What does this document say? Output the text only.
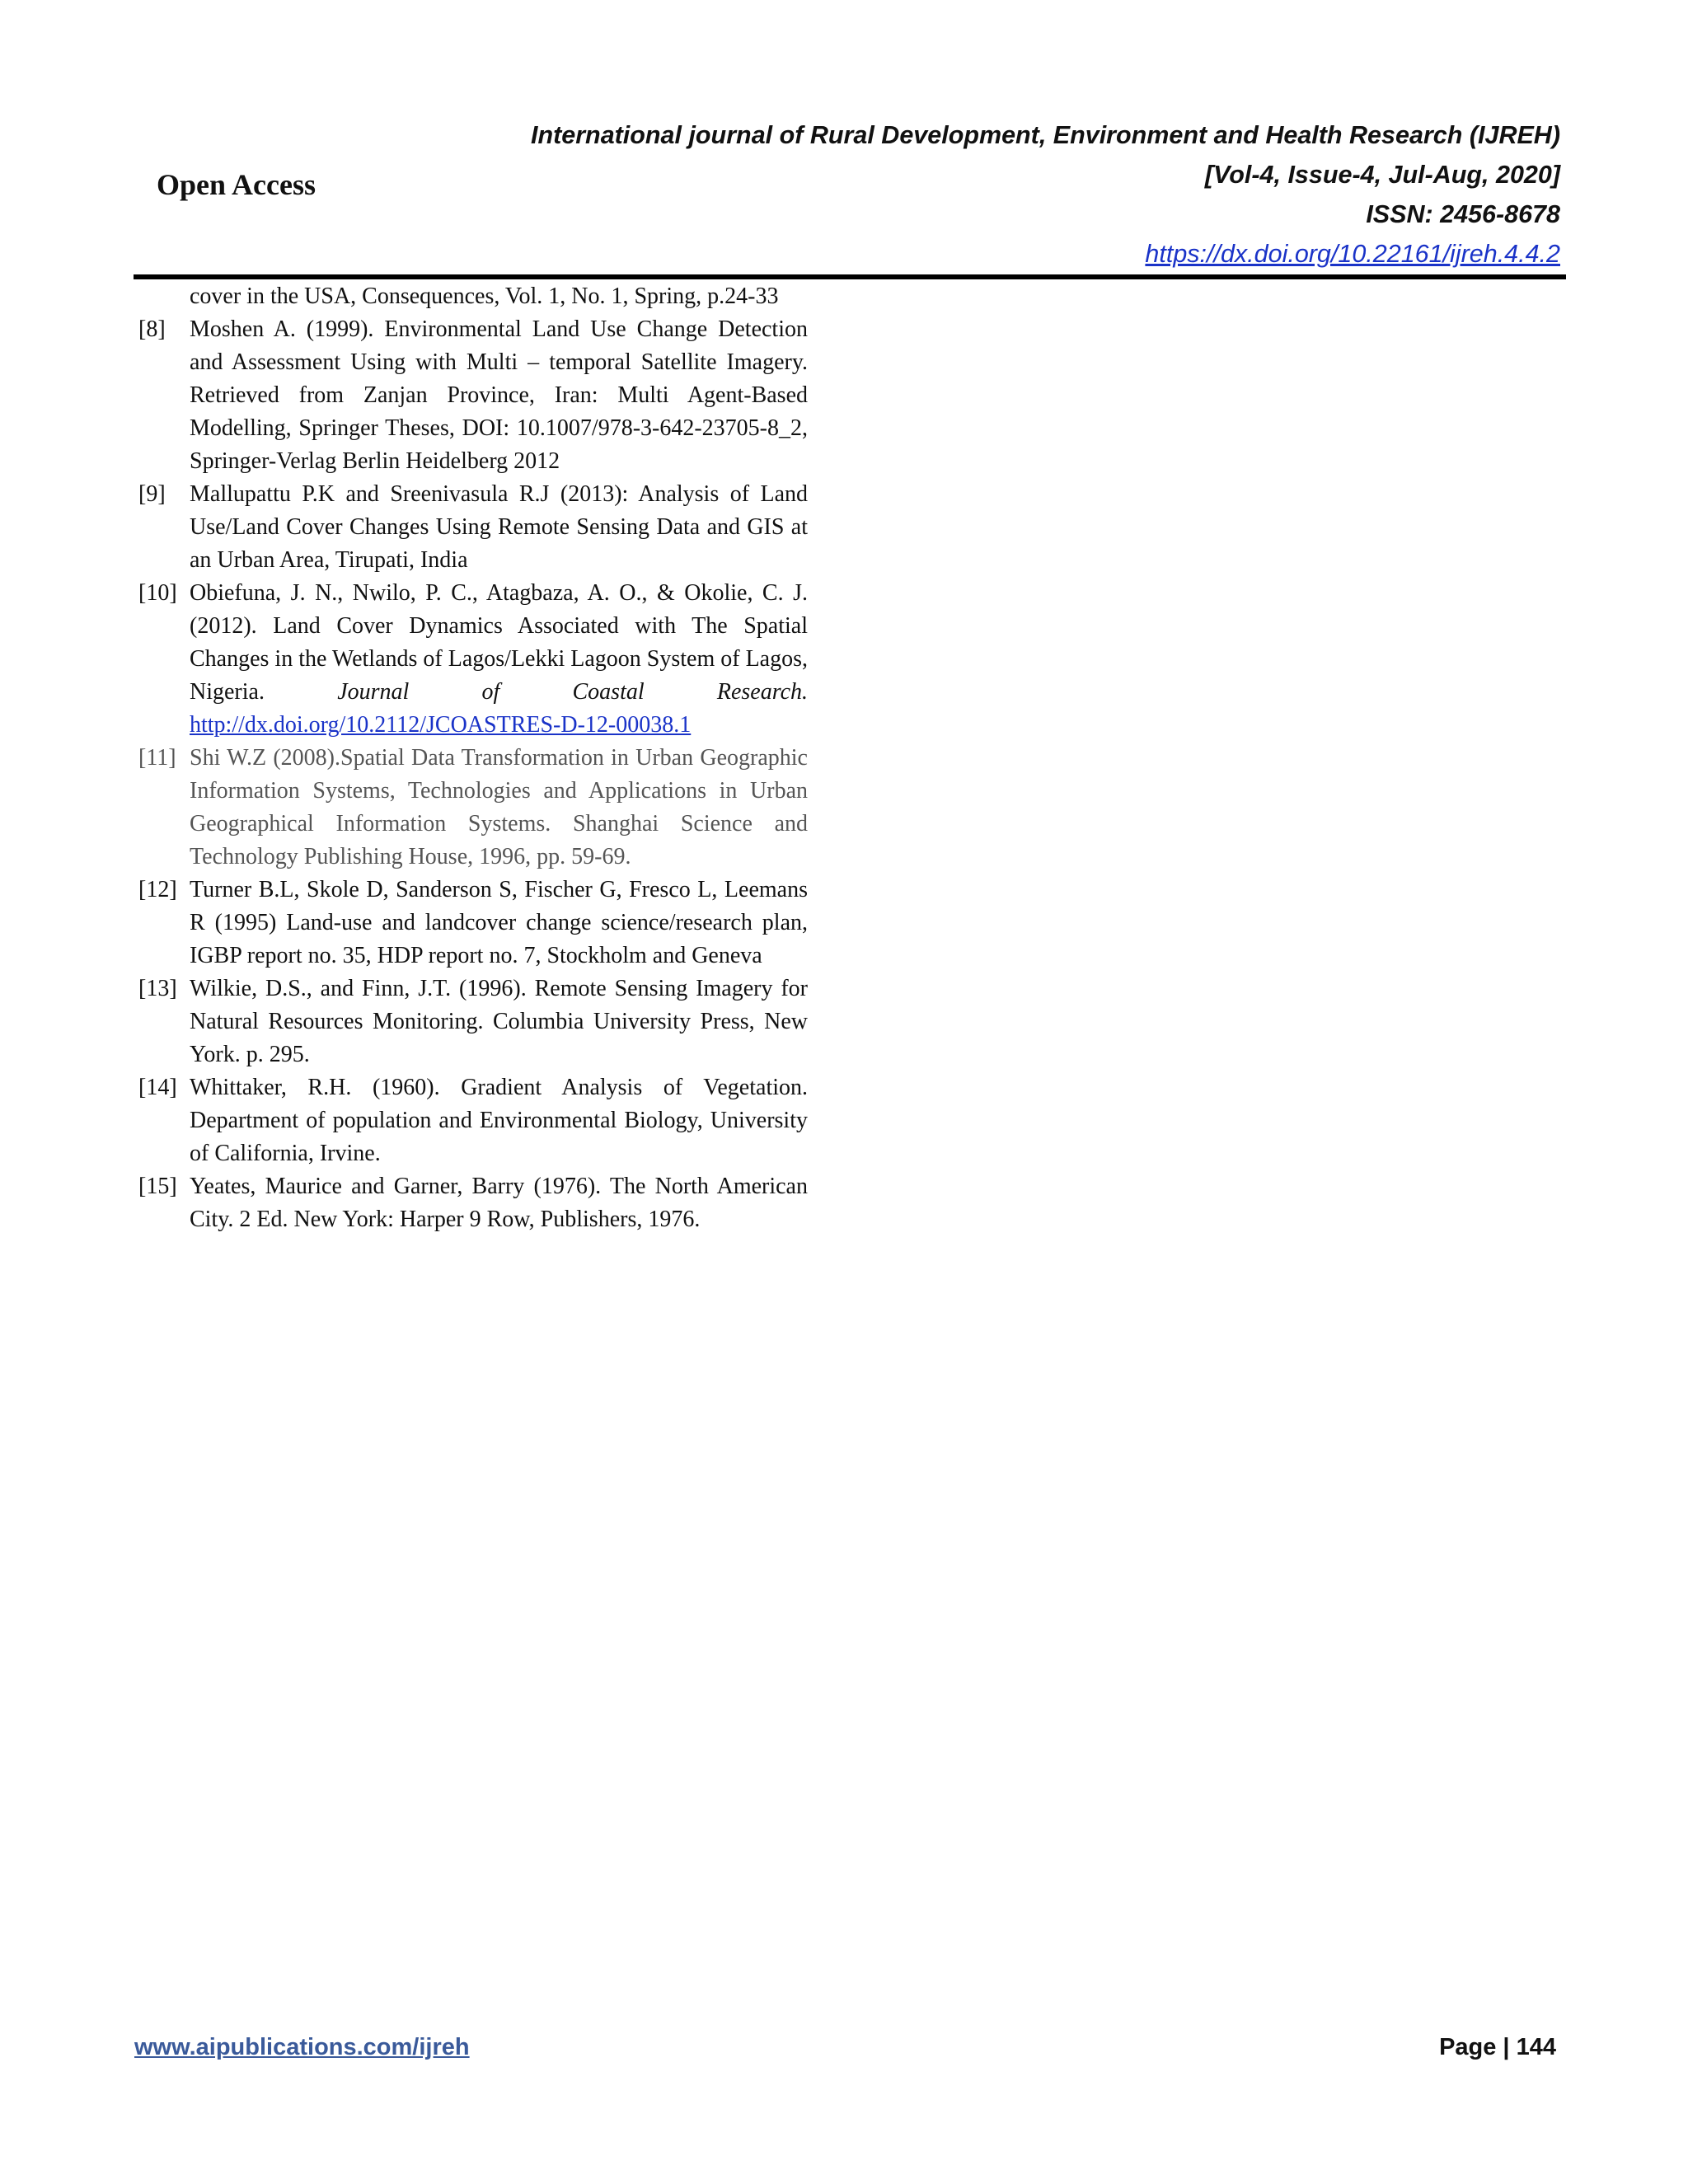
Open Access
International journal of Rural Development, Environment and Health Research (IJREH)
[Vol-4, Issue-4, Jul-Aug, 2020]
ISSN: 2456-8678
https://dx.doi.org/10.22161/ijreh.4.4.2
cover in the USA, Consequences, Vol. 1, No. 1, Spring, p.24-33
[8]	Moshen A. (1999). Environmental Land Use Change Detection and Assessment Using with Multi – temporal Satellite Imagery. Retrieved from Zanjan Province, Iran: Multi Agent-Based Modelling, Springer Theses, DOI: 10.1007/978-3-642-23705-8_2, Springer-Verlag Berlin Heidelberg 2012
[9]	Mallupattu P.K and Sreenivasula R.J (2013): Analysis of Land Use/Land Cover Changes Using Remote Sensing Data and GIS at an Urban Area, Tirupati, India
[10] Obiefuna, J. N., Nwilo, P. C., Atagbaza, A. O., & Okolie, C. J. (2012). Land Cover Dynamics Associated with The Spatial Changes in the Wetlands of Lagos/Lekki Lagoon System of Lagos, Nigeria.	Journal of Coastal Research. http://dx.doi.org/10.2112/JCOASTRES-D-12-00038.1
[11] Shi W.Z (2008).Spatial Data Transformation in Urban Geographic Information Systems, Technologies and Applications in Urban Geographical Information Systems. Shanghai Science and Technology Publishing House, 1996, pp. 59-69.
[12] Turner B.L, Skole D, Sanderson S, Fischer G, Fresco L, Leemans R (1995) Land-use and landcover change science/research plan, IGBP report no. 35, HDP report no. 7, Stockholm and Geneva
[13] Wilkie, D.S., and Finn, J.T. (1996). Remote Sensing Imagery for Natural Resources Monitoring. Columbia University Press, New York. p. 295.
[14] Whittaker, R.H. (1960). Gradient Analysis of Vegetation. Department of population and Environmental Biology, University of California, Irvine.
[15] Yeates, Maurice and Garner, Barry (1976). The North American City. 2 Ed. New York: Harper 9 Row, Publishers, 1976.
www.aipublications.com/ijreh	Page | 144
